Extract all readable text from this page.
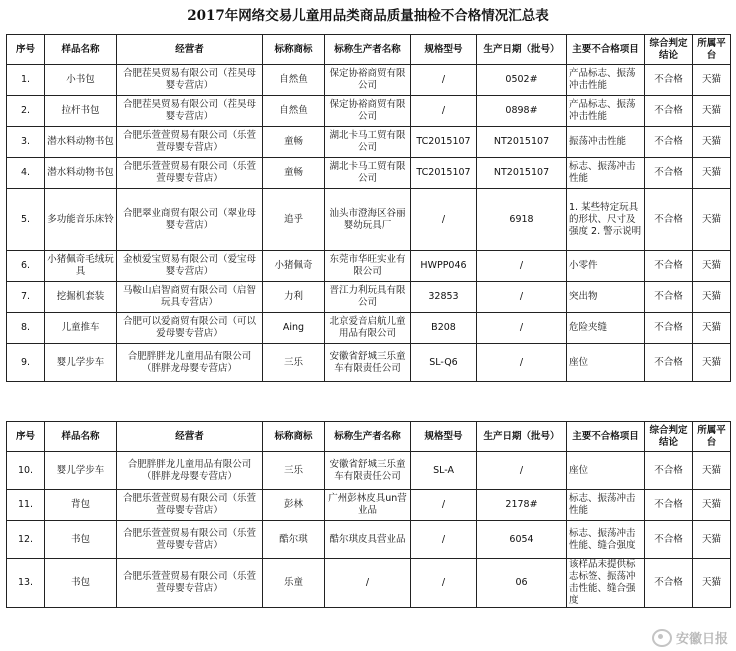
2017年网络交易儿童用品类商品质量抽检不合格情况汇总表
序号	样品名称	经营者	标称商标	标称生产者名称	规格型号	生产日期（批号）	主要不合格项目	综合判定结论	所属平台
1.	小书包	合肥茬昊贸易有限公司（茬昊母婴专营店）	自然鱼	保定协裕商贸有限公司	/	0502#	产品标志、振荡冲击性能	不合格	天猫
2.	拉杆书包	合肥茬昊贸易有限公司（茬昊母婴专营店）	自然鱼	保定协裕商贸有限公司	/	0898#	产品标志、振荡冲击性能	不合格	天猫
3.	潜水料动物书包	合肥乐萱萱贸易有限公司（乐萱萱母婴专营店）	童畅	湖北卡马工贸有限公司	TC2015107	NT2015107	振荡冲击性能	不合格	天猫
4.	潜水料动物书包	合肥乐萱萱贸易有限公司（乐萱萱母婴专营店）	童畅	湖北卡马工贸有限公司	TC2015107	NT2015107	标志、振荡冲击性能	不合格	天猫
5.	多功能音乐床铃	合肥翠业商贸有限公司（翠业母婴专营店）	追乎	汕头市澄海区谷丽婴幼玩具厂	/	6918	1. 某些特定玩具的形状、尺寸及强度 2. 警示说明	不合格	天猫
6.	小猪佩奇毛绒玩具	金桢爱宝贸易有限公司（爱宝母婴专营店）	小猪佩奇	东莞市华旺实业有限公司	HWPP046	/	小零件	不合格	天猫
7.	挖掘机套装	马鞍山启智商贸有限公司（启智玩具专营店）	力利	晋江力利玩具有限公司	32853	/	突出物	不合格	天猫
8.	儿童推车	合肥可以爱商贸有限公司（可以爱母婴专营店）	Aing	北京爱音启航儿童用品有限公司	B208	/	危险夹缝	不合格	天猫
9.	婴儿学步车	合肥胖胖龙儿童用品有限公司（胖胖龙母婴专营店）	三乐	安徽省舒城三乐童车有限责任公司	SL-Q6	/	座位	不合格	天猫
序号	样品名称	经营者	标称商标	标称生产者名称	规格型号	生产日期（批号）	主要不合格项目	综合判定结论	所属平台
10.	婴儿学步车	合肥胖胖龙儿童用品有限公司（胖胖龙母婴专营店）	三乐	安徽省舒城三乐童车有限责任公司	SL-A	/	座位	不合格	天猫
11.	背包	合肥乐萱萱贸易有限公司（乐萱萱母婴专营店）	彭林	广州彭林皮具un营业品	/	2178#	标志、振荡冲击性能	不合格	天猫
12.	书包	合肥乐萱萱贸易有限公司（乐萱萱母婴专营店）	酷尔琪	酷尔琪皮具营业品	/	6054	标志、振荡冲击性能、缝合强度	不合格	天猫
13.	书包	合肥乐萱萱贸易有限公司（乐萱萱母婴专营店）	乐童	/	/	06	该样品未提供标志标签、振荡冲击性能、缝合强度	不合格	天猫
安徽日报
